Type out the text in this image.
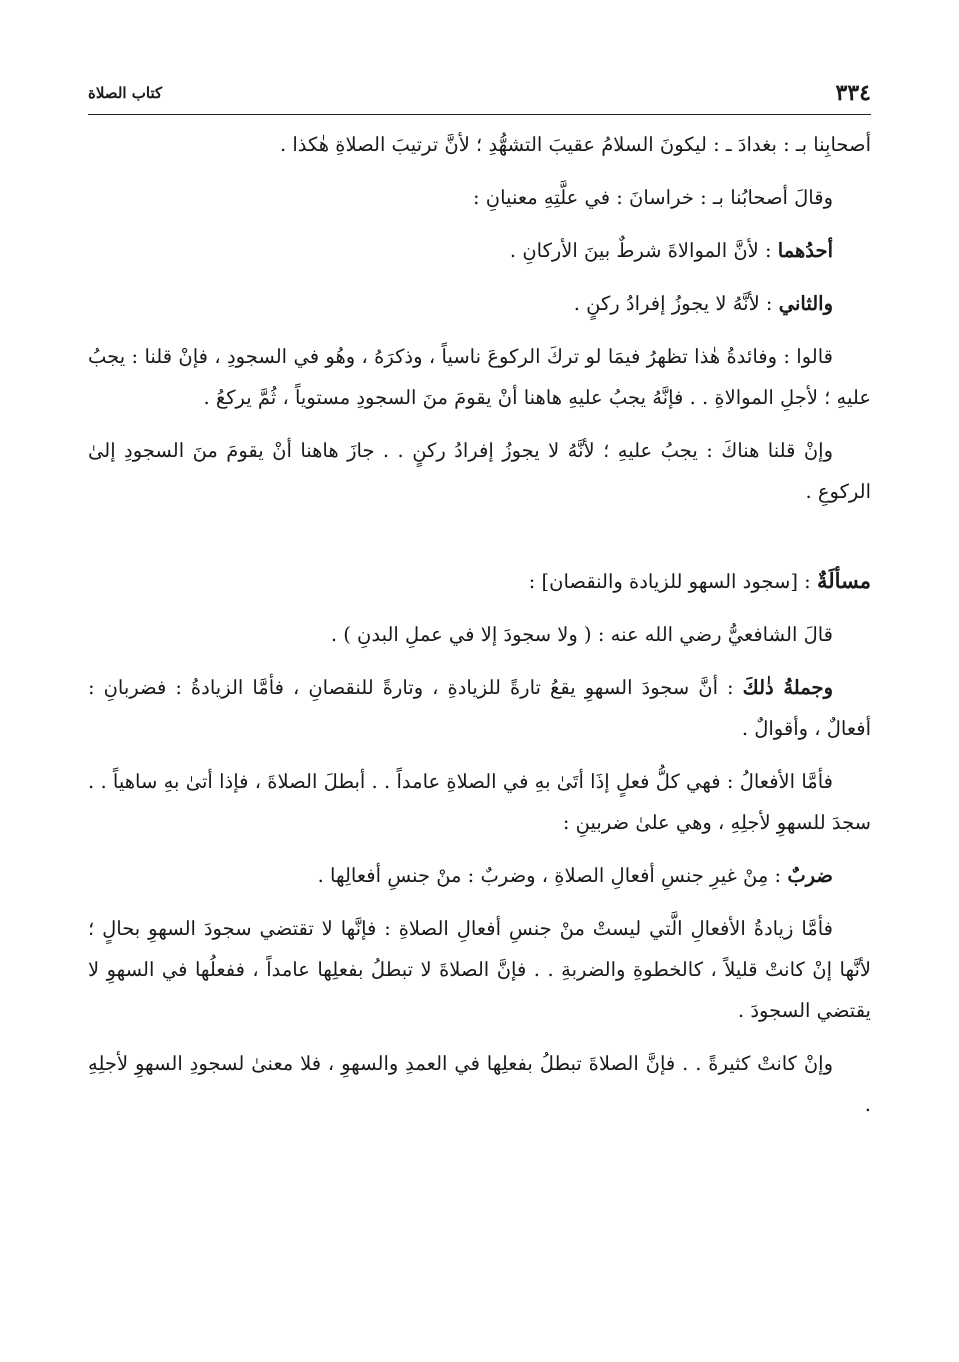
٣٣٤
كتاب الصلاة

أصحابِنا بـ : بغدادَ ـ : ليكونَ السلامُ عقيبَ التشهُّدِ ؛ لأنَّ ترتيبَ الصلاةِ هٰكذا .

وقالَ أصحابُنا بـ : خراسانَ : في علَّتِهِ معنيانِ :

أحدُهما : لأنَّ الموالاةَ شرطٌ بينَ الأركانِ .

والثاني : لأنَّهُ لا يجوزُ إفرادُ ركنٍ .

قالوا : وفائدةُ هٰذا تظهرُ فيمَا لو تركَ الركوعَ ناسياً ، وذكرَهُ ، وهُو في السجودِ ، فإنْ قلنا : يجبُ عليهِ ؛ لأجلِ الموالاةِ . . فإنَّهُ يجبُ عليهِ هاهنا أنْ يقومَ منَ السجودِ مستوياً ، ثُمَّ يركعُ .

وإنْ قلنا هناكَ : يجبُ عليهِ ؛ لأنَّهُ لا يجوزُ إفرادُ ركنٍ . . جازَ هاهنا أنْ يقومَ منَ السجودِ إلىٰ الركوعِ .

مسألَةٌ : [سجود السهو للزيادة والنقصان] :

قالَ الشافعيُّ رضي الله عنه : ( ولا سجودَ إلا في عملِ البدنِ ) .

وجملةُ ذٰلكَ : أنَّ سجودَ السهوِ يقعُ تارةً للزيادةِ ، وتارةً للنقصانِ ، فأمَّا الزيادةُ : فضربانِ : أفعالٌ ، وأقوالٌ .

فأمَّا الأفعالُ : فهي كلُّ فعلٍ إذَا أتَىٰ بهِ في الصلاةِ عامداً . . أبطلَ الصلاةَ ، فإذا أتىٰ بهِ ساهياً . . سجدَ للسهوِ لأجلِهِ ، وهي علىٰ ضربينِ :

ضربٌ : مِنْ غيرِ جنسِ أفعالِ الصلاةِ ، وضربٌ : منْ جنسِ أفعالِها .

فأمَّا زيادةُ الأفعالِ الَّتي ليستْ منْ جنسِ أفعالِ الصلاةِ : فإنَّها لا تقتضي سجودَ السهوِ بحالٍ ؛ لأنَّها إنْ كانتْ قليلاً ، كالخطوةِ والضربةِ . . فإنَّ الصلاةَ لا تبطلُ بفعلِها عامداً ، ففعلُها في السهوِ لا يقتضي السجودَ .

وإنْ كانتْ كثيرةً . . فإنَّ الصلاةَ تبطلُ بفعلِها في العمدِ والسهوِ ، فلا معنىٰ لسجودِ السهوِ لأجلِهِ .
